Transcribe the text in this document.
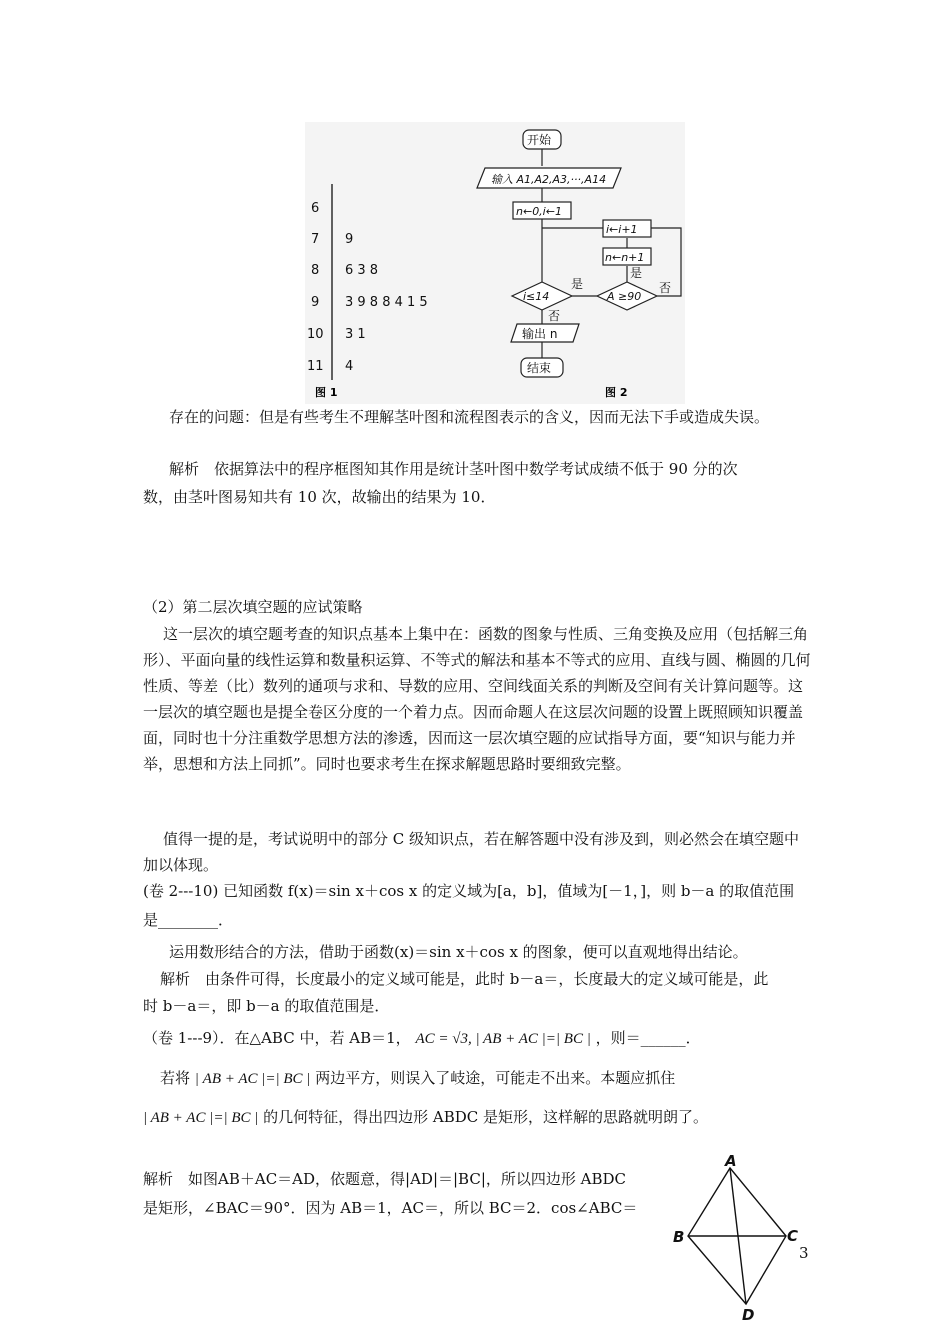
6
7
8
9
10
11
9
6 3 8
3 9 8 8 4 1 5
3 1
4
图 1
开始
输入 A1,A2,A3,···,A14
n←0,i←1
i≤14	A ≥90
i←i+1
n←n+1
是
是
否
否
输出 n
结束
图 2
存在的问题：但是有些考生不理解茎叶图和流程图表示的含义，因而无法下手或造成失误。
解析　依据算法中的程序框图知其作用是统计茎叶图中数学考试成绩不低于 90 分的次
数，由茎叶图易知共有 10 次，故输出的结果为 10．
（2）第二层次填空题的应试策略
这一层次的填空题考查的知识点基本上集中在：函数的图象与性质、三角变换及应用（包括解三角形）、平面向量的线性运算和数量积运算、不等式的解法和基本不等式的应用、直线与圆、椭圆的几何性质、等差（比）数列的通项与求和、导数的应用、空间线面关系的判断及空间有关计算问题等。这一层次的填空题也是提全卷区分度的一个着力点。因而命题人在这层次问题的设置上既照顾知识覆盖面，同时也十分注重数学思想方法的渗透，因而这一层次填空题的应试指导方面，要“知识与能力并举，思想和方法上同抓”。同时也要求考生在探求解题思路时要细致完整。
值得一提的是，考试说明中的部分 C 级知识点，若在解答题中没有涉及到，则必然会在填空题中加以体现。
(卷 2---10) 已知函数 f(x)＝sin x＋cos x 的定义域为[a，b]，值域为[－1，]，则 b－a 的取值范围
是________．
运用数形结合的方法，借助于函数(x)＝sin x＋cos x 的图象，便可以直观地得出结论。
解析　由条件可得，长度最小的定义域可能是，此时 b－a＝，长度最大的定义域可能是，此
时 b－a＝，即 b－a 的取值范围是．
（卷 1---9）．在△ABC 中，若 AB＝1， AC = √3, | AB + AC |=| BC | ，则＝______．
若将 | AB + AC |=| BC | 两边平方，则误入了岐途，可能走不出来。本题应抓住
| AB + AC |=| BC | 的几何特征，得出四边形 ABDC 是矩形，这样解的思路就明朗了。
解析　如图AB＋AC＝AD，依题意，得|AD|＝|BC|，所以四边形 ABDC
是矩形，∠BAC＝90°．因为 AB＝1，AC＝，所以 BC＝2．cos∠ABC＝
A
B	C
D
3
